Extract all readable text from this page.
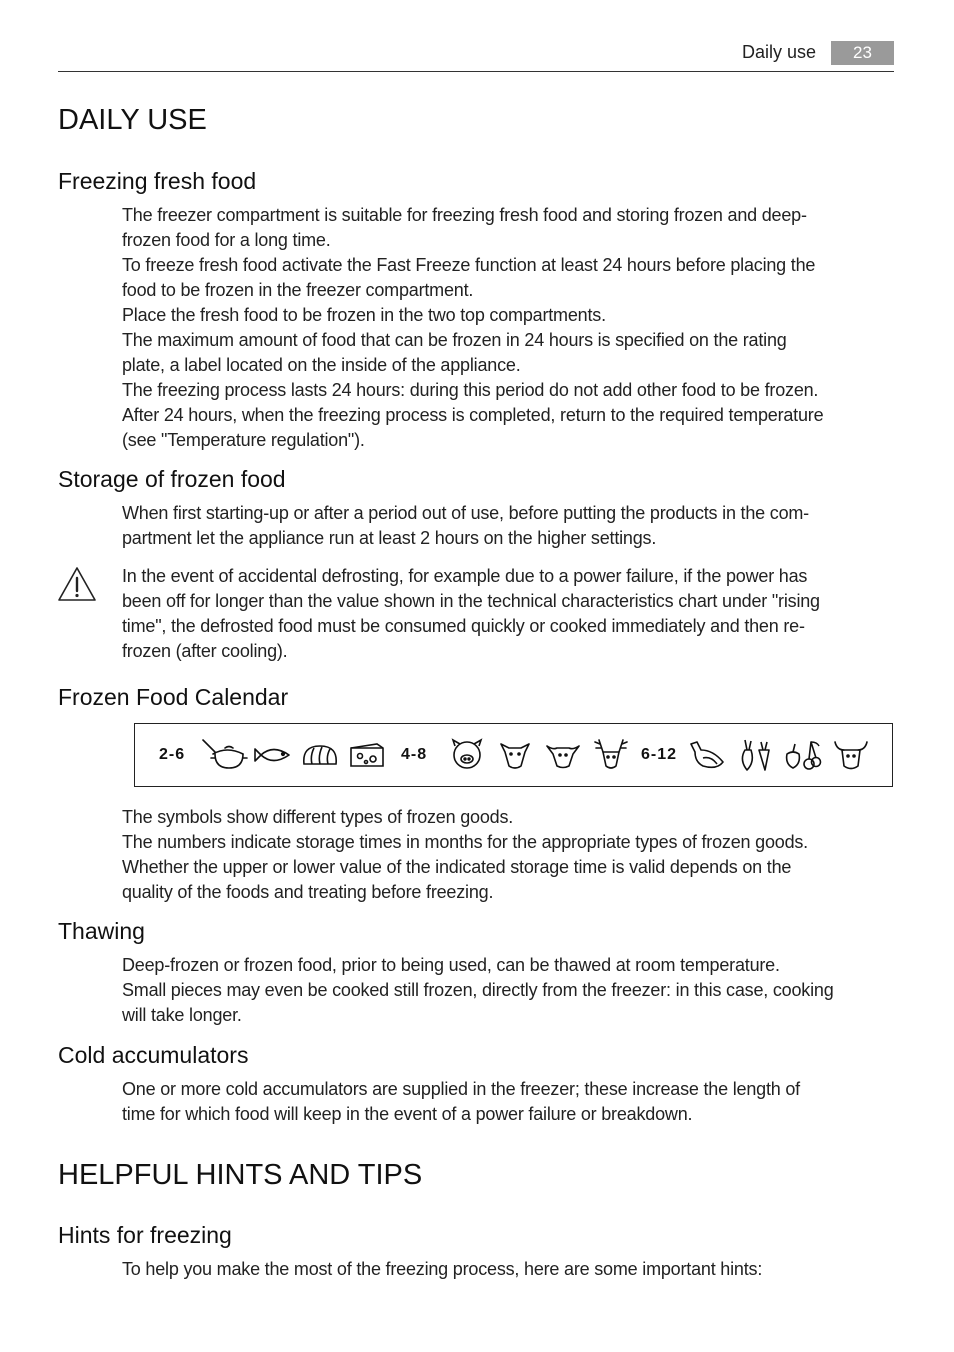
Daily use	23
DAILY USE
Freezing fresh food
The freezer compartment is suitable for freezing fresh food and storing frozen and deep-
frozen food for a long time.
To freeze fresh food activate the Fast Freeze function at least 24 hours before placing the
food to be frozen in the freezer compartment.
Place the fresh food to be frozen in the two top compartments.
The maximum amount of food that can be frozen in 24 hours is specified on the rating
plate, a label located on the inside of the appliance.
The freezing process lasts 24 hours: during this period do not add other food to be frozen.
After 24 hours, when the freezing process is completed, return to the required temperature
(see "Temperature regulation").
Storage of frozen food
When first starting-up or after a period out of use, before putting the products in the com-
partment let the appliance run at least 2 hours on the higher settings.
In the event of accidental defrosting, for example due to a power failure, if the power has
been off for longer than the value shown in the technical characteristics chart under "rising
time", the defrosted food must be consumed quickly or cooked immediately and then re-
frozen (after cooling).
Frozen Food Calendar
2-6	4-8	6-12
The symbols show different types of frozen goods.
The numbers indicate storage times in months for the appropriate types of frozen goods.
Whether the upper or lower value of the indicated storage time is valid depends on the
quality of the foods and treating before freezing.
Thawing
Deep-frozen or frozen food, prior to being used, can be thawed at room temperature.
Small pieces may even be cooked still frozen, directly from the freezer: in this case, cooking
will take longer.
Cold accumulators
One or more cold accumulators are supplied in the freezer; these increase the length of
time for which food will keep in the event of a power failure or breakdown.
HELPFUL HINTS AND TIPS
Hints for freezing
To help you make the most of the freezing process, here are some important hints:
